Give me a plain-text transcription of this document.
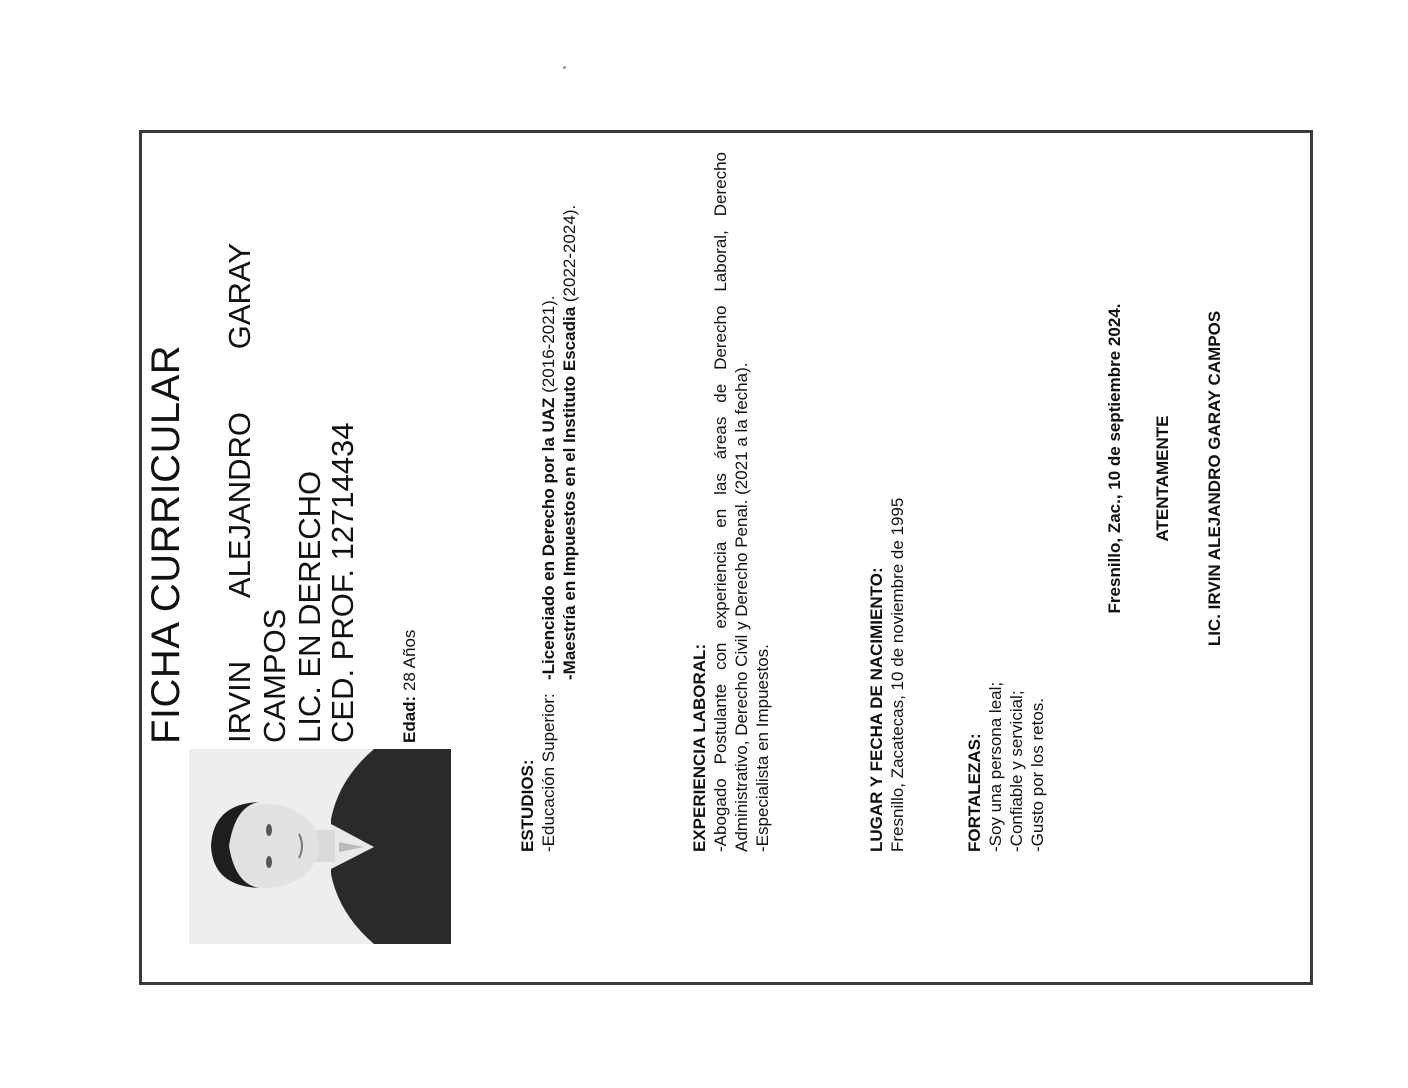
FICHA CURRICULAR IRVIN
ALEJANDRO
GARAY
CAMPOS LIC. EN DERECHO
CED. PROF. 12714434 Edad: 28 Años
ESTUDIOS: -Educación Superior:
-Licenciado en Derecho por la UAZ (2016-2021). -Maestría en Impuestos en el Instituto Escadia (2022-2024).
EXPERIENCIA LABORAL: -Abogado Postulante con experiencia en las áreas de Derecho Laboral, Derecho Administrativo, Derecho Civil y Derecho Penal. (2021 a la fecha). -Especialista en Impuestos.	LUGAR Y FECHA DE NACIMIENTO: Fresnillo, Zacatecas, 10 de noviembre de 1995	FORTALEZAS: -Soy una persona leal; -Confiable y servicial; -Gusto por los retos.
Fresnillo, Zac., 10 de septiembre 2024. ATENTAMENTE LIC. IRVIN ALEJANDRO GARAY CAMPOS
